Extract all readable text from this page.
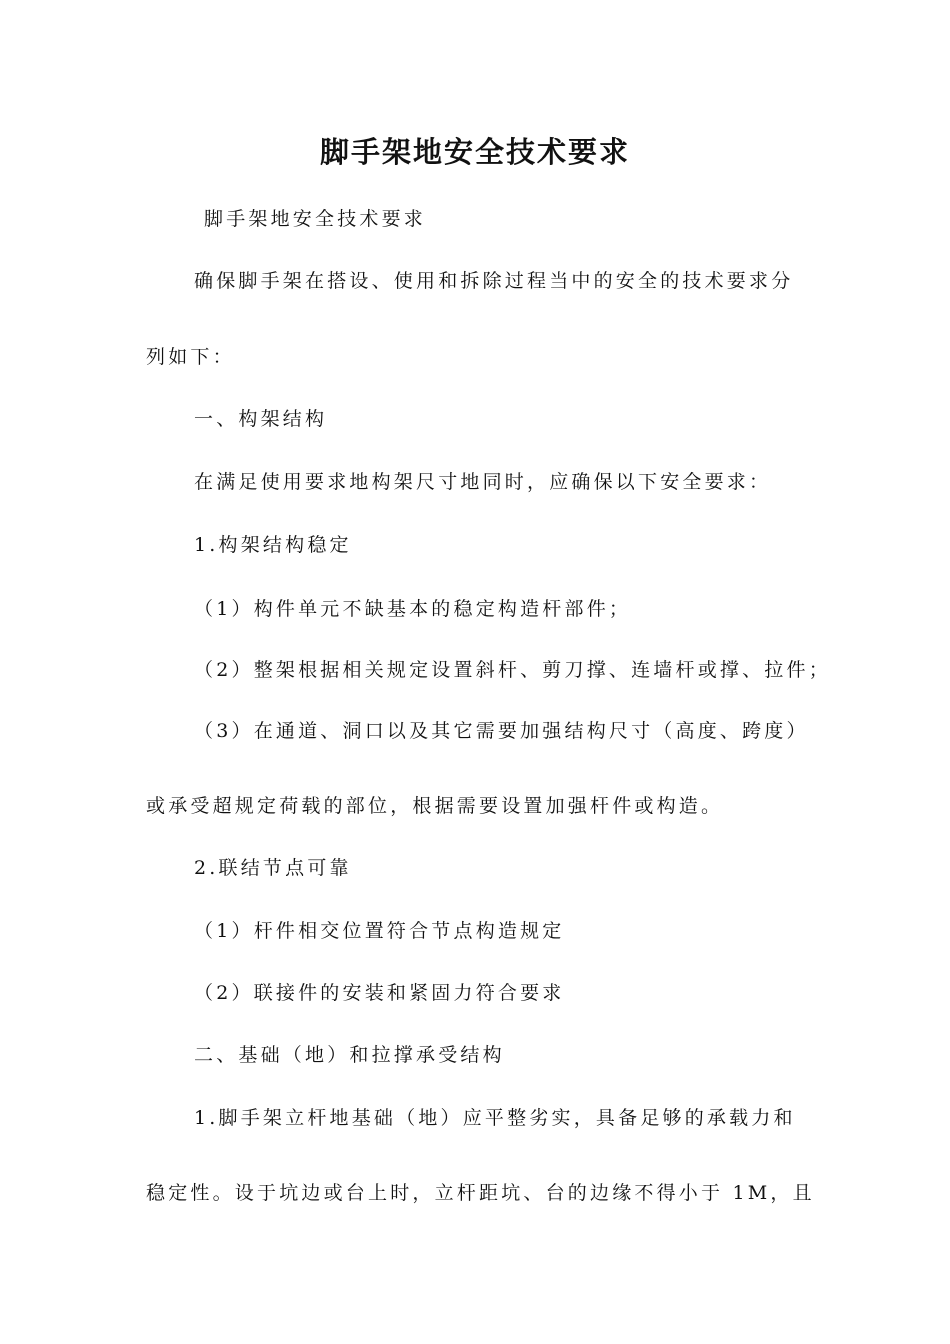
脚手架地安全技术要求

脚手架地安全技术要求

确保脚手架在搭设、使用和拆除过程当中的安全的技术要求分

列如下：

一、构架结构

在满足使用要求地构架尺寸地同时，应确保以下安全要求：

1.构架结构稳定

（1）构件单元不缺基本的稳定构造杆部件；

（2）整架根据相关规定设置斜杆、剪刀撑、连墙杆或撑、拉件；

（3）在通道、洞口以及其它需要加强结构尺寸（高度、跨度）

或承受超规定荷载的部位，根据需要设置加强杆件或构造。

2.联结节点可靠

（1）杆件相交位置符合节点构造规定

（2）联接件的安装和紧固力符合要求

二、基础（地）和拉撑承受结构

1.脚手架立杆地基础（地）应平整劣实，具备足够的承载力和

稳定性。设于坑边或台上时，立杆距坑、台的边缘不得小于 1M，且
